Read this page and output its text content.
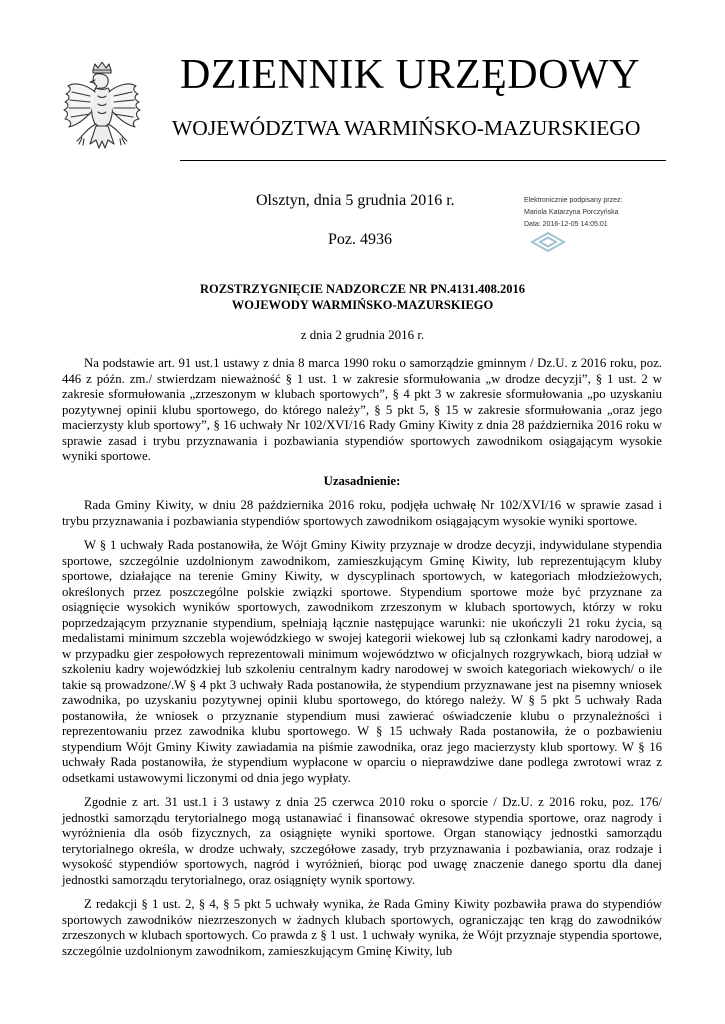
DZIENNIK URZĘDOWY
WOJEWÓDZTWA WARMIŃSKO-MAZURSKIEGO
Olsztyn, dnia 5 grudnia 2016 r.
Poz. 4936
Elektronicznie podpisany przez:
Mariola Katarzyna Porczyńska
Data: 2016-12-05 14:05:01
ROZSTRZYGNIĘCIE NADZORCZE NR PN.4131.408.2016
WOJEWODY WARMIŃSKO-MAZURSKIEGO
z dnia 2 grudnia 2016 r.

Na podstawie art. 91 ust.1 ustawy z dnia 8 marca 1990 roku o samorządzie gminnym / Dz.U. z 2016 roku, poz. 446 z późn. zm./ stwierdzam nieważność § 1 ust. 1 w zakresie sformułowania „w drodze decyzji”, § 1 ust. 2 w zakresie sformułowania „zrzeszonym w klubach sportowych”, § 4 pkt 3 w zakresie sformułowania „po uzyskaniu pozytywnej opinii klubu sportowego, do którego należy”, § 5 pkt 5, § 15 w zakresie sformułowania „oraz jego macierzysty klub sportowy”, § 16 uchwały Nr 102/XVI/16 Rady Gminy Kiwity z dnia 28 października 2016 roku w sprawie zasad i trybu przyznawania i pozbawiania stypendiów sportowych zawodnikom osiągającym wysokie wyniki sportowe.

Uzasadnienie:

Rada Gminy Kiwity, w dniu 28 października 2016 roku, podjęła uchwałę Nr 102/XVI/16 w sprawie zasad i trybu przyznawania i pozbawiania stypendiów sportowych zawodnikom osiągającym wysokie wyniki sportowe.

W § 1 uchwały Rada postanowiła, że Wójt Gminy Kiwity przyznaje w drodze decyzji, indywidulane stypendia sportowe, szczególnie uzdolnionym zawodnikom, zamieszkującym Gminę Kiwity, lub reprezentującym kluby sportowe, działające na terenie Gminy Kiwity, w dyscyplinach sportowych, w kategoriach młodzieżowych, określonych przez poszczególne polskie związki sportowe. Stypendium sportowe może być przyznane za osiągnięcie wysokich wyników sportowych, zawodnikom zrzeszonym w klubach sportowych, którzy w roku poprzedzającym przyznanie stypendium, spełniają łącznie następujące warunki: nie ukończyli 21 roku życia, są medalistami minimum szczebla wojewódzkiego w swojej kategorii wiekowej lub są członkami kadry narodowej, a w przypadku gier zespołowych reprezentowali minimum województwo w oficjalnych rozgrywkach, biorą udział w szkoleniu kadry wojewódzkiej lub szkoleniu centralnym kadry narodowej w swoich kategoriach wiekowych/ o ile takie są prowadzone/.W § 4 pkt 3 uchwały Rada postanowiła, że stypendium przyznawane jest na pisemny wniosek zawodnika, po uzyskaniu pozytywnej opinii klubu sportowego, do którego należy. W § 5 pkt 5 uchwały Rada postanowiła, że wniosek o przyznanie stypendium musi zawierać oświadczenie klubu o przynależności i reprezentowaniu przez zawodnika klubu sportowego. W § 15 uchwały Rada postanowiła, że o pozbawieniu stypendium Wójt Gminy Kiwity zawiadamia na piśmie zawodnika, oraz jego macierzysty klub sportowy. W § 16 uchwały Rada postanowiła, że stypendium wypłacone w oparciu o nieprawdziwe dane podlega zwrotowi wraz z odsetkami ustawowymi liczonymi od dnia jego wypłaty.

Zgodnie z art. 31 ust.1 i 3 ustawy z dnia 25 czerwca 2010 roku o sporcie / Dz.U. z 2016 roku, poz. 176/ jednostki samorządu terytorialnego mogą ustanawiać i finansować okresowe stypendia sportowe, oraz nagrody i wyróżnienia dla osób fizycznych, za osiągnięte wyniki sportowe. Organ stanowiący jednostki samorządu terytorialnego określa, w drodze uchwały, szczegółowe zasady, tryb przyznawania i pozbawiania, oraz rodzaje i wysokość stypendiów sportowych, nagród i wyróżnień, biorąc pod uwagę znaczenie danego sportu dla danej jednostki samorządu terytorialnego, oraz osiągnięty wynik sportowy.

Z redakcji § 1 ust. 2, § 4, § 5 pkt 5 uchwały wynika, że Rada Gminy Kiwity pozbawiła prawa do stypendiów sportowych zawodników niezrzeszonych w żadnych klubach sportowych, ograniczając ten krąg do zawodników zrzeszonych w klubach sportowych. Co prawda z § 1 ust. 1 uchwały wynika, że Wójt przyznaje stypendia sportowe, szczególnie uzdolnionym zawodnikom, zamieszkującym Gminę Kiwity, lub
